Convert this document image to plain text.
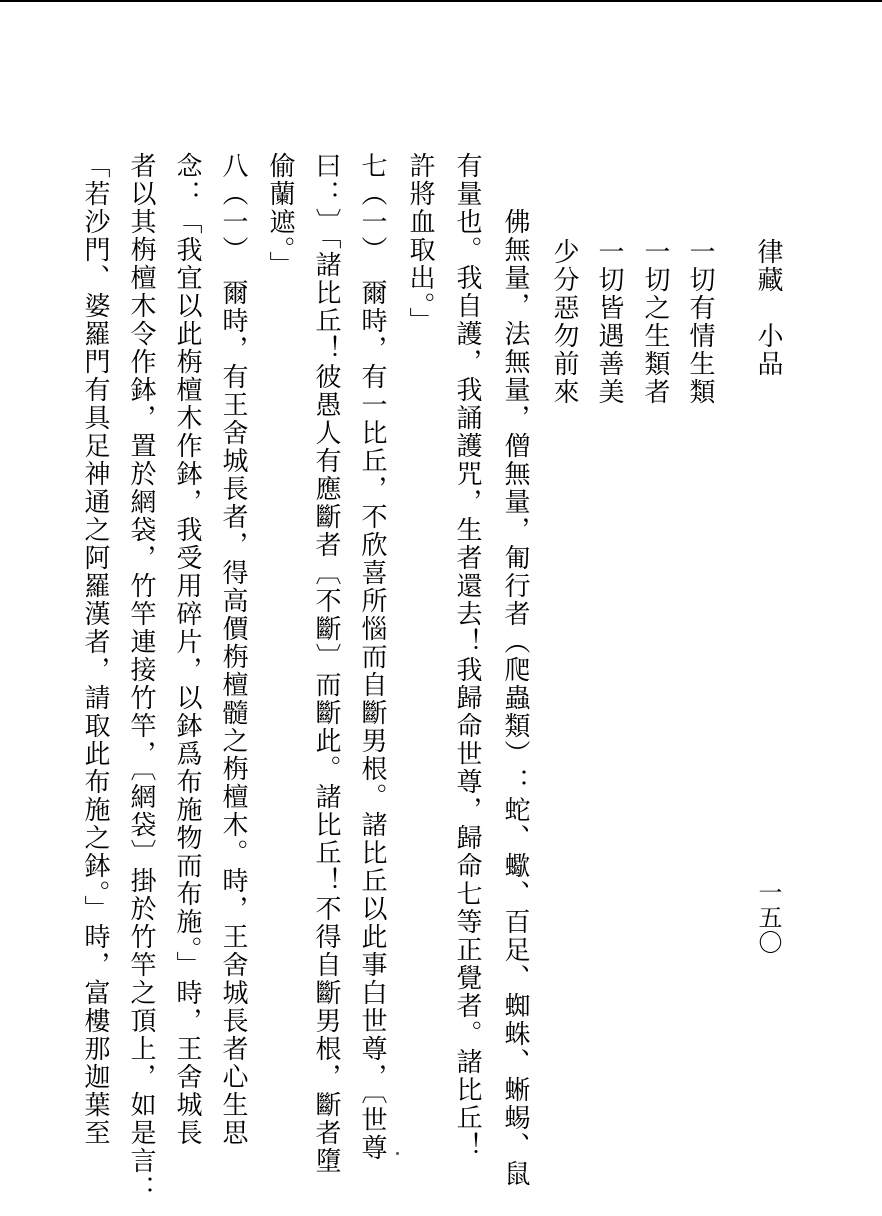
律藏　小品
一五〇
一切有情生類
一切之生類者
一切皆遇善美
少分惡勿前來
佛無量，法無量，僧無量，匍行者（爬蟲類）：蛇、蠍、百足、蜘蛛、蜥蜴、鼠
有量也。我自護，我誦護咒，生者還去！我歸命世尊，歸命七等正覺者。諸比丘！
許將血取出。」
七（一）　爾時，有一比丘，不欣喜所惱而自斷男根。諸比丘以此事白世尊，〔世尊
曰：〕「諸比丘！彼愚人有應斷者〔不斷〕而斷此。諸比丘！不得自斷男根，斷者墮
偷蘭遮。」
八（一）　爾時，有王舍城長者，得高價栴檀髓之栴檀木。時，王舍城長者心生思
念：「我宜以此栴檀木作鉢，我受用碎片，以鉢爲布施物而布施。」時，王舍城長
者以其栴檀木令作鉢，置於網袋，竹竿連接竹竿，〔網袋〕掛於竹竿之頂上，如是言：
「若沙門、婆羅門有具足神通之阿羅漢者，請取此布施之鉢。」時，富樓那迦葉至
